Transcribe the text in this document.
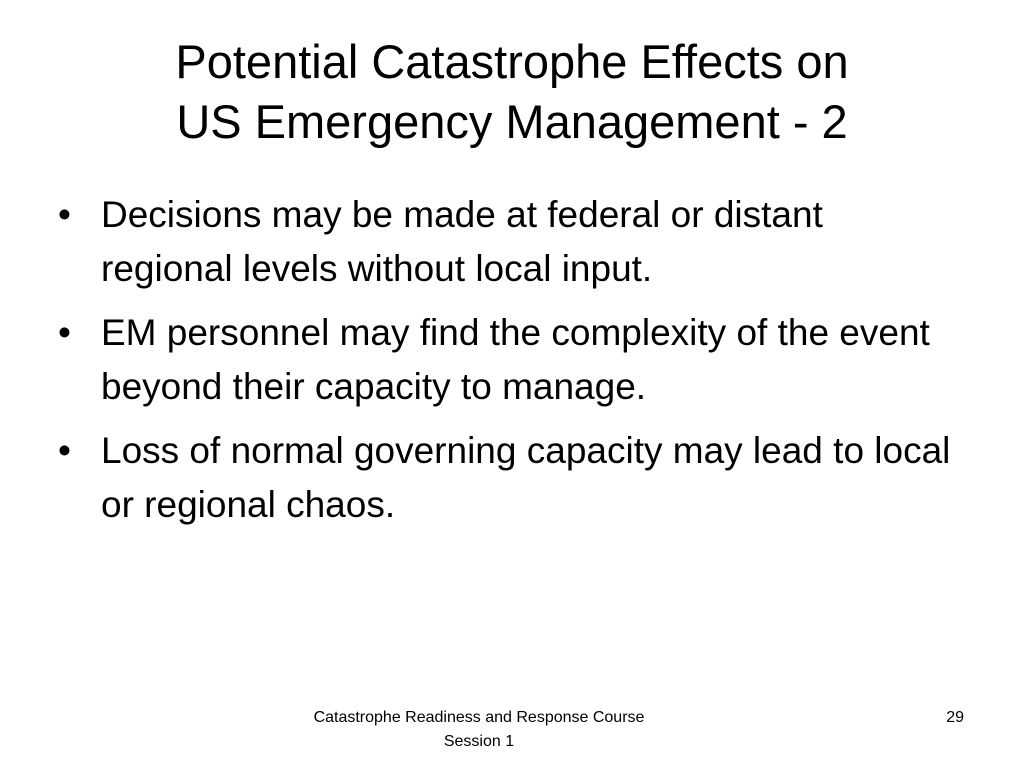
Potential Catastrophe Effects on
US Emergency Management - 2
• Decisions may be made at federal or distant regional levels without local input.
• EM personnel may find the complexity of the event beyond their capacity to manage.
• Loss of normal governing capacity may lead to local or regional chaos.
Catastrophe Readiness and Response Course
Session 1
29
